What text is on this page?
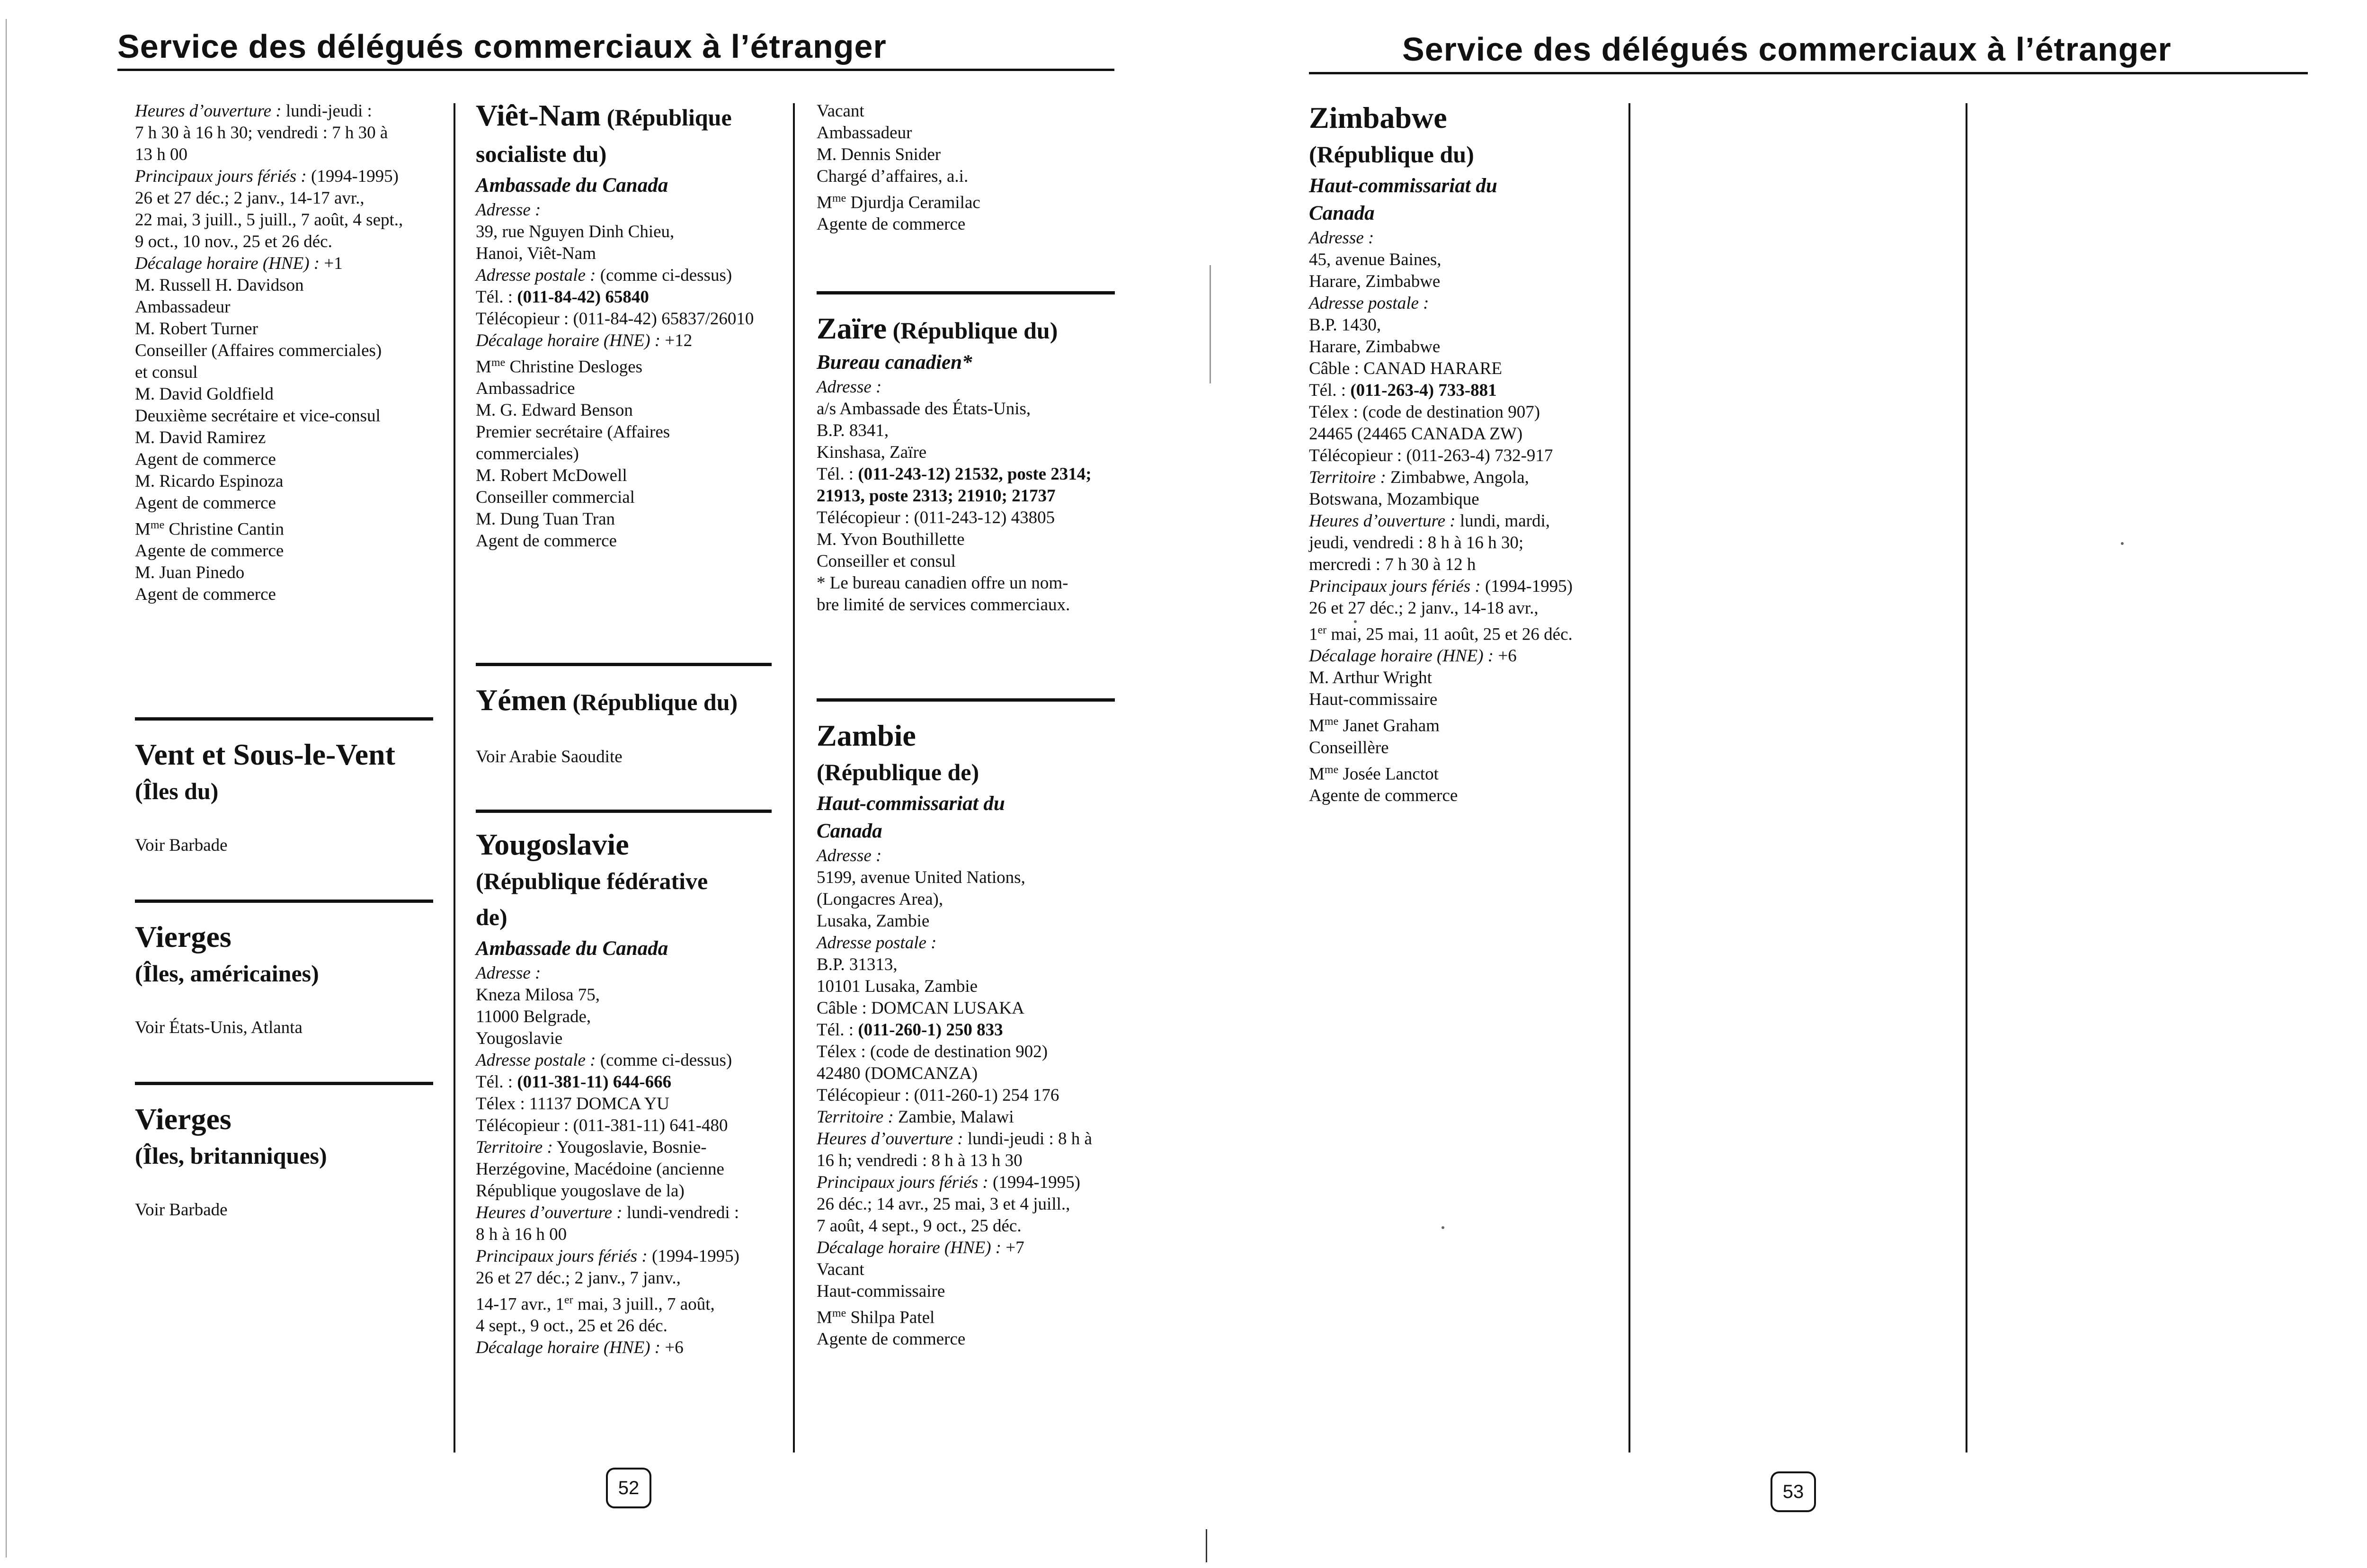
Service des délégués commerciaux à l’étranger

Heures d’ouverture : lundi-jeudi :

7 h 30 à 16 h 30; vendredi : 7 h 30 à

13 h 00

Principaux jours fériés : (1994-1995)

26 et 27 déc.; 2 janv., 14-17 avr.,

22 mai, 3 juill., 5 juill., 7 août, 4 sept.,

9 oct., 10 nov., 25 et 26 déc.

Décalage horaire (HNE) : +1

M. Russell H. Davidson

Ambassadeur

M. Robert Turner

Conseiller (Affaires commerciales)

et consul

M. David Goldfield

Deuxième secrétaire et vice-consul

M. David Ramirez

Agent de commerce

M. Ricardo Espinoza

Agent de commerce

$M^{me}$ Christine Cantin

Agente de commerce

M. Juan Pinedo

Agent de commerce

Vent et Sous-le-Vent

(Îles du)

Voir Barbade

Vierges

(Îles, américaines)

Voir États-Unis, Atlanta

Vierges

(Îles, britanniques)

Voir Barbade

Viêt-Nam (République

socialiste du)

Ambassade du Canada

Adresse :

39, rue Nguyen Dinh Chieu,

Hanoi, Viêt-Nam

Adresse postale : (comme ci-dessus)

Tél. : (011-84-42) 65840

Télécopieur : (011-84-42) 65837/26010

Décalage horaire (HNE) : +12

$M^{me}$ Christine Desloges

Ambassadrice

M. G. Edward Benson

Premier secrétaire (Affaires

commerciales)

M. Robert McDowell

Conseiller commercial

M. Dung Tuan Tran

Agent de commerce

Yémen (République du)

Voir Arabie Saoudite

Yougoslavie

(République fédérative

de)

Ambassade du Canada

Adresse :

Kneza Milosa 75,

11000 Belgrade,

Yougoslavie

Adresse postale : (comme ci-dessus)

Tél. : (011-381-11) 644-666

Télex : 11137 DOMCA YU

Télécopieur : (011-381-11) 641-480

Territoire : Yougoslavie, Bosnie-

Herzégovine, Macédoine (ancienne

République yougoslave de la)

Heures d’ouverture : lundi-vendredi :

8 h à 16 h 00

Principaux jours fériés : (1994-1995)

26 et 27 déc.; 2 janv., 7 janv.,

14-17 avr., 1er mai, 3 juill., 7 août,

4 sept., 9 oct., 25 et 26 déc.

Décalage horaire (HNE) : +6

Vacant

Ambassadeur

M. Dennis Snider

Chargé d’affaires, a.i.

$M^{me}$ Djurdja Ceramilac

Agente de commerce

Zaïre (République du)

Bureau canadien*

Adresse :

a/s Ambassade des États-Unis,

B.P. 8341,

Kinshasa, Zaïre

Tél. : (011-243-12) 21532, poste 2314;

21913, poste 2313; 21910; 21737

Télécopieur : (011-243-12) 43805

M. Yvon Bouthillette

Conseiller et consul

* Le bureau canadien offre un nom-

bre limité de services commerciaux.

Zambie

(République de)

Haut-commissariat du

Canada

Adresse :

5199, avenue United Nations,

(Longacres Area),

Lusaka, Zambie

Adresse postale :

B.P. 31313,

10101 Lusaka, Zambie

Câble : DOMCAN LUSAKA

Tél. : (011-260-1) 250 833

Télex : (code de destination 902)

42480 (DOMCANZA)

Télécopieur : (011-260-1) 254 176

Territoire : Zambie, Malawi

Heures d’ouverture : lundi-jeudi : 8 h à

16 h; vendredi : 8 h à 13 h 30

Principaux jours fériés : (1994-1995)

26 déc.; 14 avr., 25 mai, 3 et 4 juill.,

7 août, 4 sept., 9 oct., 25 déc.

Décalage horaire (HNE) : +7

Vacant

Haut-commissaire

$M^{me}$ Shilpa Patel

Agente de commerce

52
Service des délégués commerciaux à l’étranger

Zimbabwe

(République du)

Haut-commissariat du

Canada

Adresse :

45, avenue Baines,

Harare, Zimbabwe

Adresse postale :

B.P. 1430,

Harare, Zimbabwe

Câble : CANAD HARARE

Tél. : (011-263-4) 733-881

Télex : (code de destination 907)

24465 (24465 CANADA ZW)

Télécopieur : (011-263-4) 732-917

Territoire : Zimbabwe, Angola,

Botswana, Mozambique

Heures d’ouverture : lundi, mardi,

jeudi, vendredi : 8 h à 16 h 30;

mercredi : 7 h 30 à 12 h

Principaux jours fériés : (1994-1995)

26 et 27 déc.; 2 janv., 14-18 avr.,

1er mai, 25 mai, 11 août, 25 et 26 déc.

Décalage horaire (HNE) : +6

M. Arthur Wright

Haut-commissaire

$M^{me}$ Janet Graham

Conseillère

$M^{me}$ Josée Lanctot

Agente de commerce

53
